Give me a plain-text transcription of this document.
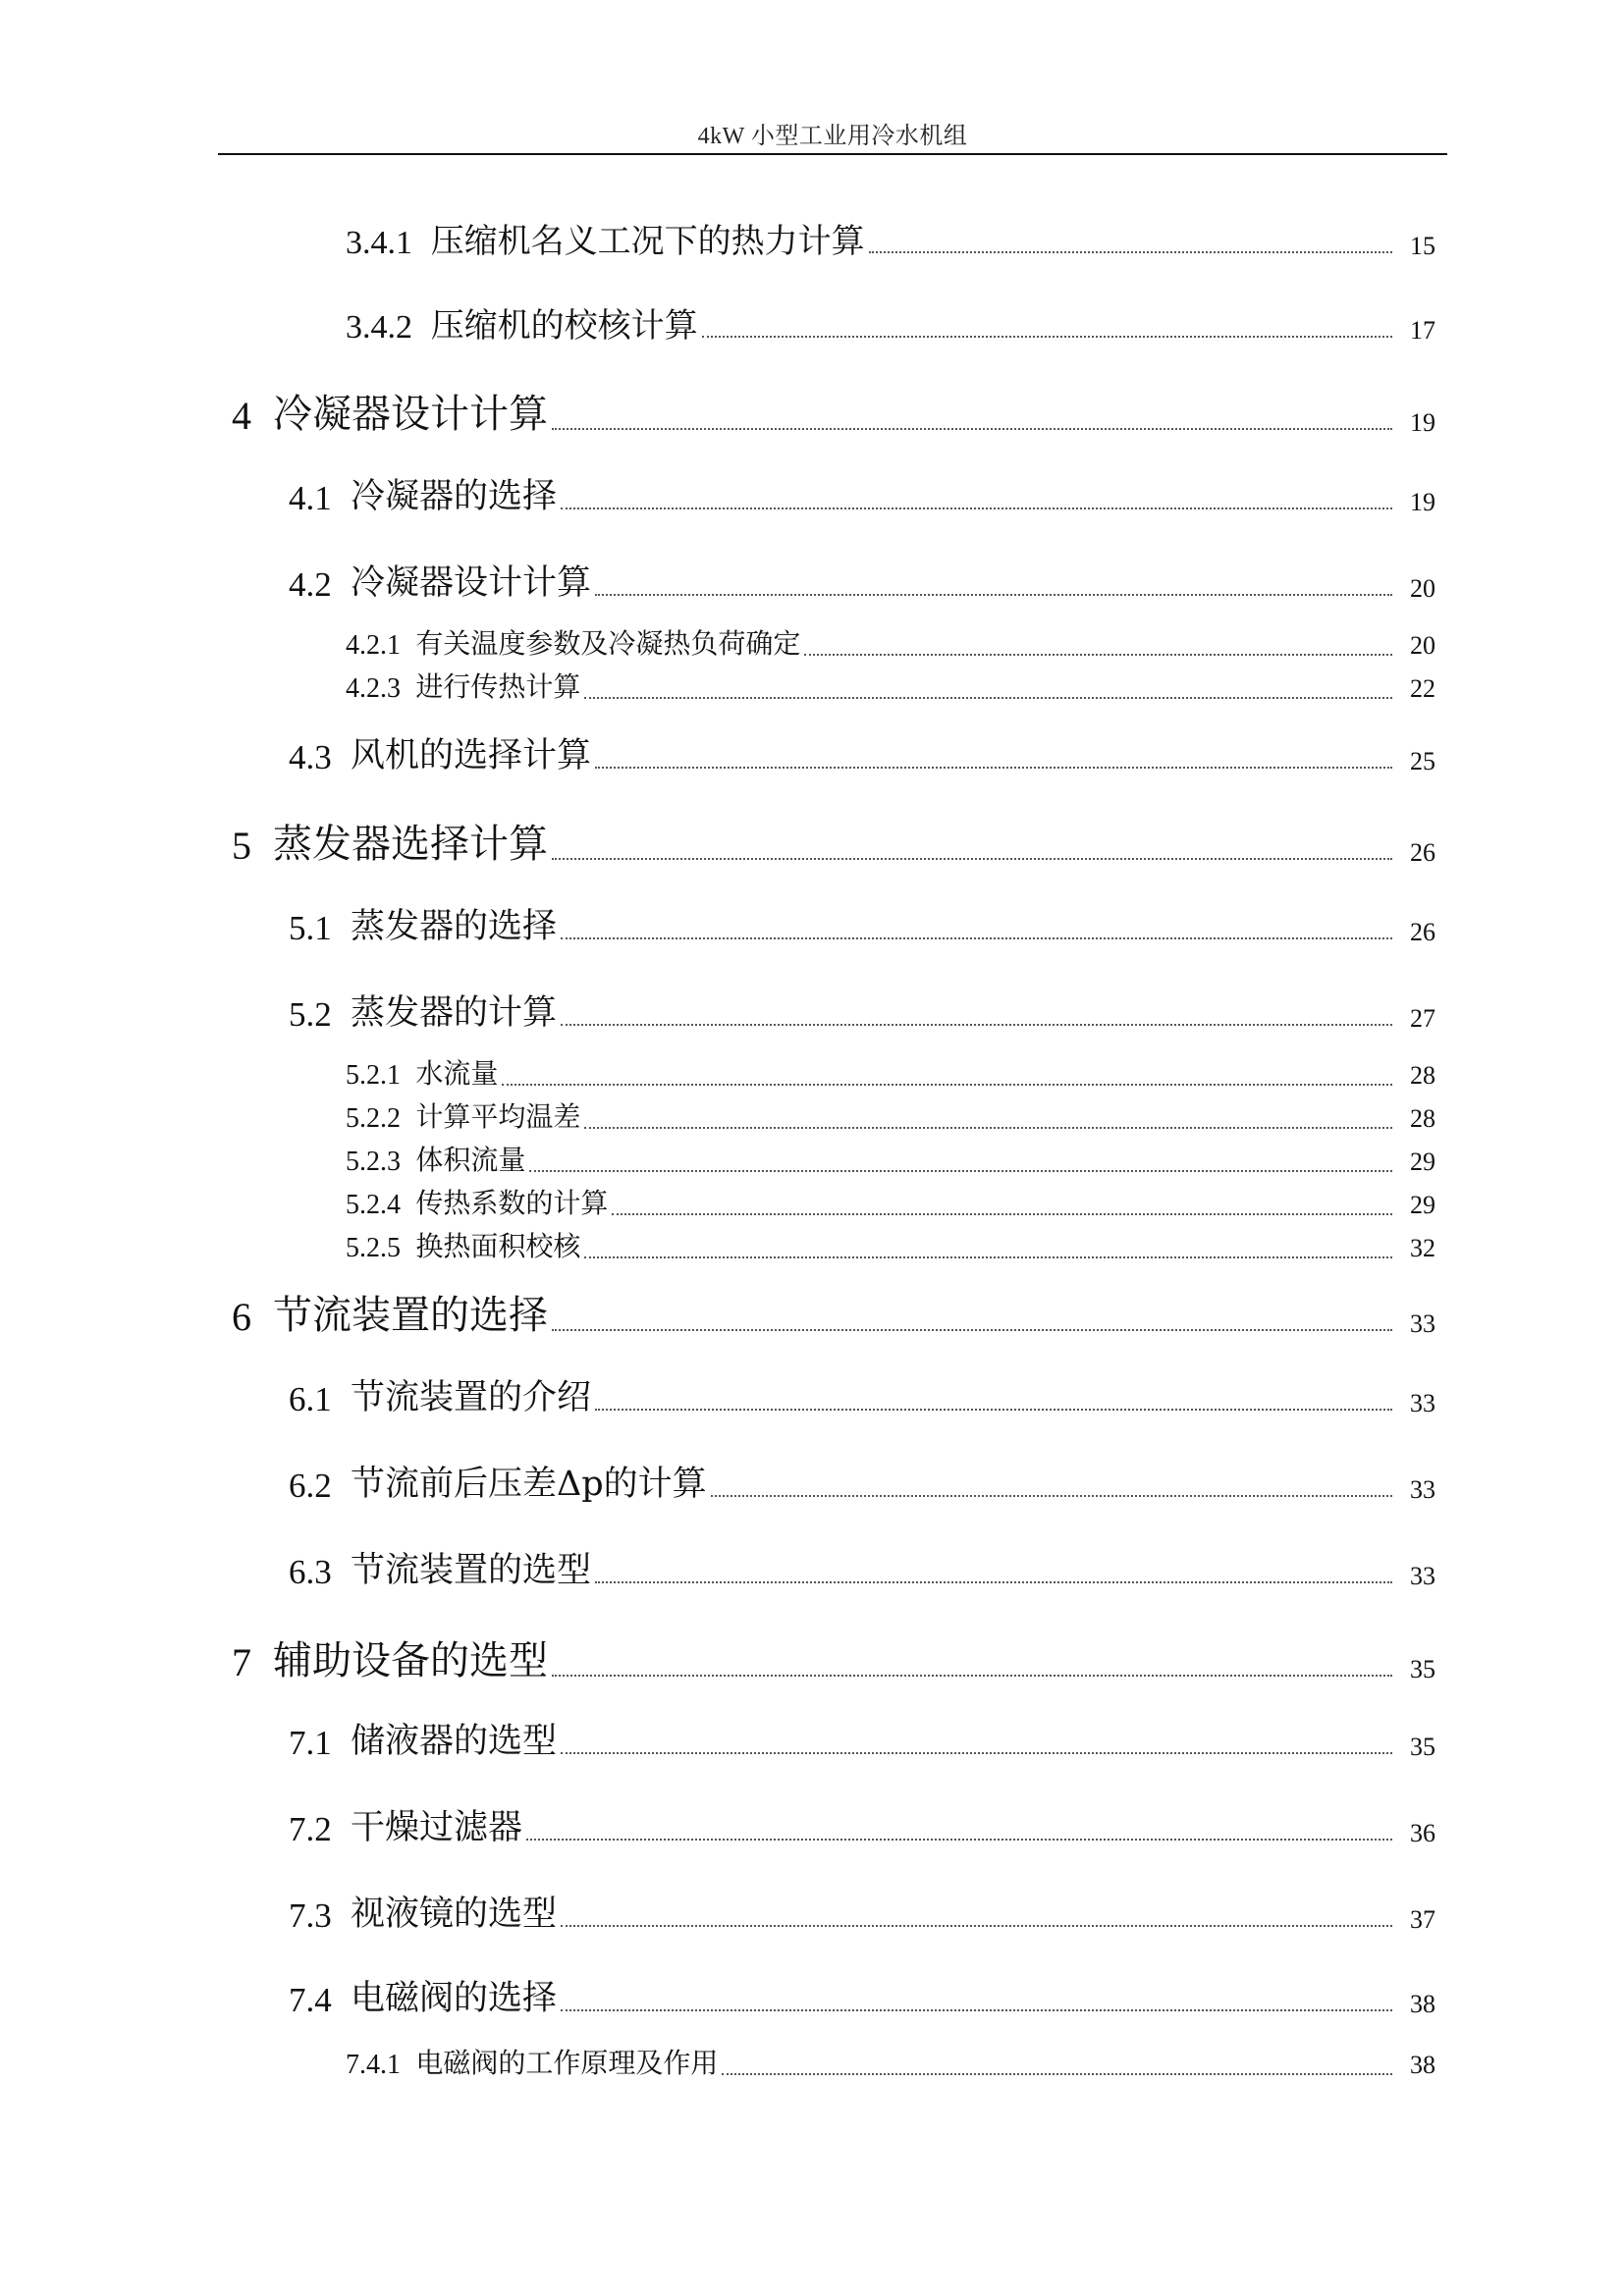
4kW 小型工业用冷水机组
3.4.1 压缩机名义工况下的热力计算	15
3.4.2 压缩机的校核计算	17
4 冷凝器设计计算	19
4.1 冷凝器的选择	19
4.2 冷凝器设计计算	20
4.2.1 有关温度参数及冷凝热负荷确定	20
4.2.3 进行传热计算	22
4.3 风机的选择计算	25
5 蒸发器选择计算	26
5.1 蒸发器的选择	26
5.2 蒸发器的计算	27
5.2.1 水流量	28
5.2.2 计算平均温差	28
5.2.3 体积流量	29
5.2.4 传热系数的计算	29
5.2.5 换热面积校核	32
6 节流装置的选择	33
6.1 节流装置的介绍	33
6.2 节流前后压差Δp的计算	33
6.3 节流装置的选型	33
7 辅助设备的选型	35
7.1 储液器的选型	35
7.2 干燥过滤器	36
7.3 视液镜的选型	37
7.4 电磁阀的选择	38
7.4.1 电磁阀的工作原理及作用	38
